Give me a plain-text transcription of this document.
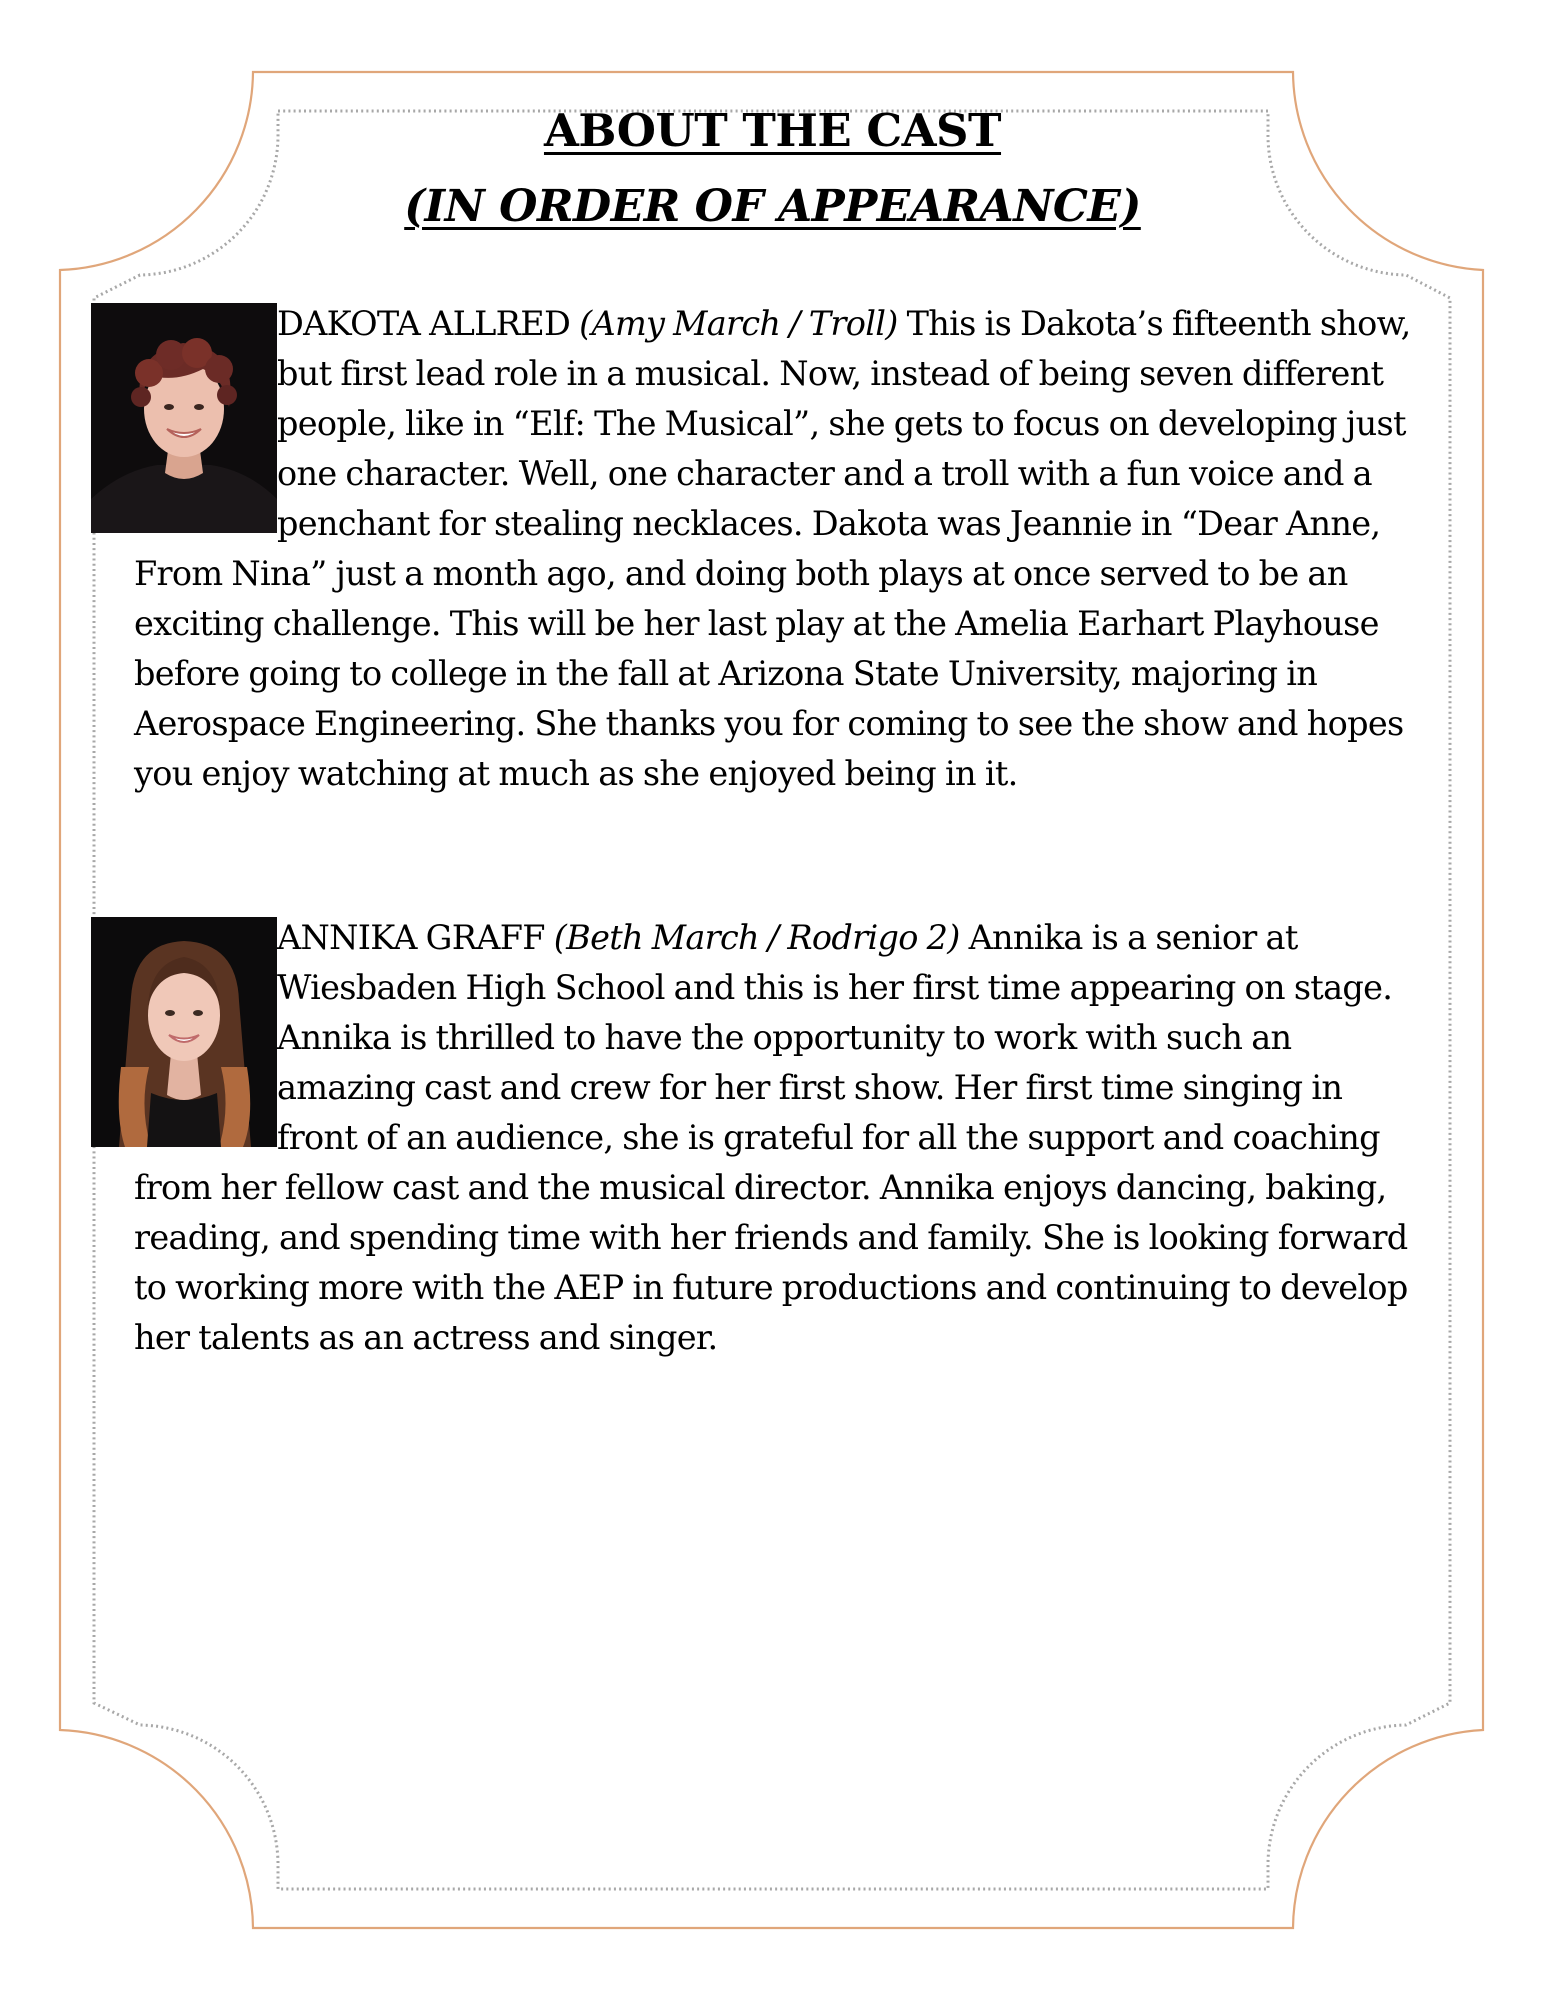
ABOUT THE CAST
(IN ORDER OF APPEARANCE)

DAKOTA ALLRED (Amy March / Troll) This is Dakota’s fifteenth show, but first lead role in a musical. Now, instead of being seven different people, like in “Elf: The Musical”, she gets to focus on developing just one character. Well, one character and a troll with a fun voice and a penchant for stealing necklaces. Dakota was Jeannie in “Dear Anne, From Nina” just a month ago, and doing both plays at once served to be an exciting challenge. This will be her last play at the Amelia Earhart Playhouse before going to college in the fall at Arizona State University, majoring in Aerospace Engineering. She thanks you for coming to see the show and hopes you enjoy watching at much as she enjoyed being in it.

ANNIKA GRAFF (Beth March / Rodrigo 2) Annika is a senior at Wiesbaden High School and this is her first time appearing on stage. Annika is thrilled to have the opportunity to work with such an amazing cast and crew for her first show. Her first time singing in front of an audience, she is grateful for all the support and coaching from her fellow cast and the musical director. Annika enjoys dancing, baking, reading, and spending time with her friends and family. She is looking forward to working more with the AEP in future productions and continuing to develop her talents as an actress and singer.
